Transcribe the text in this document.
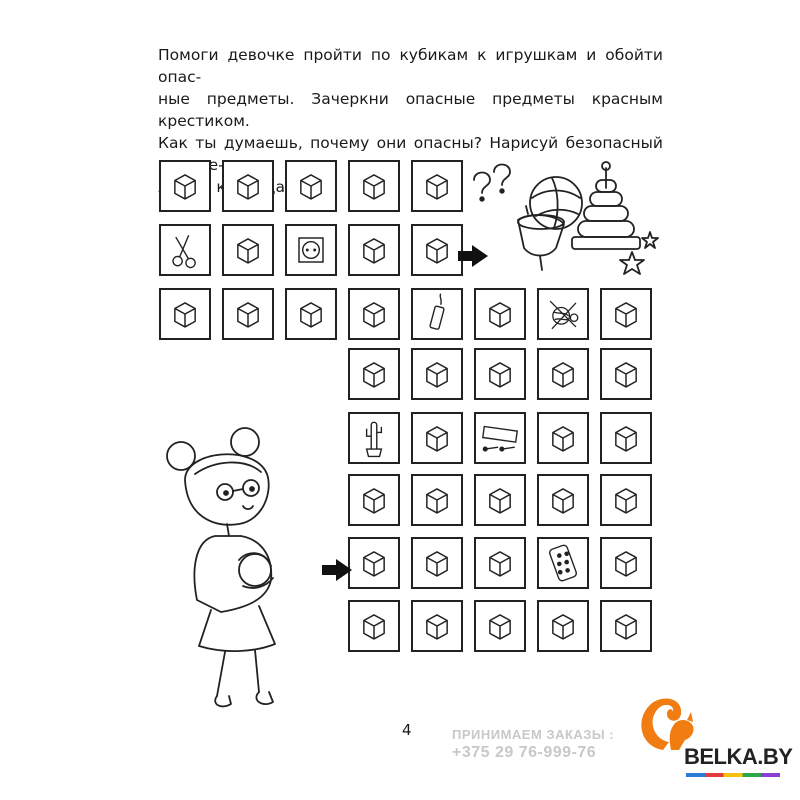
Помоги девочке пройти по кубикам к игрушкам и обойти опас-
ные предметы. Зачеркни опасные предметы красным крестиком.
Как ты думаешь, почему они опасны? Нарисуй безопасный зе-

4	ПРИНИМАЕМ ЗАКАЗЫ :
+375 29 76-999-76	BELKA.BY
